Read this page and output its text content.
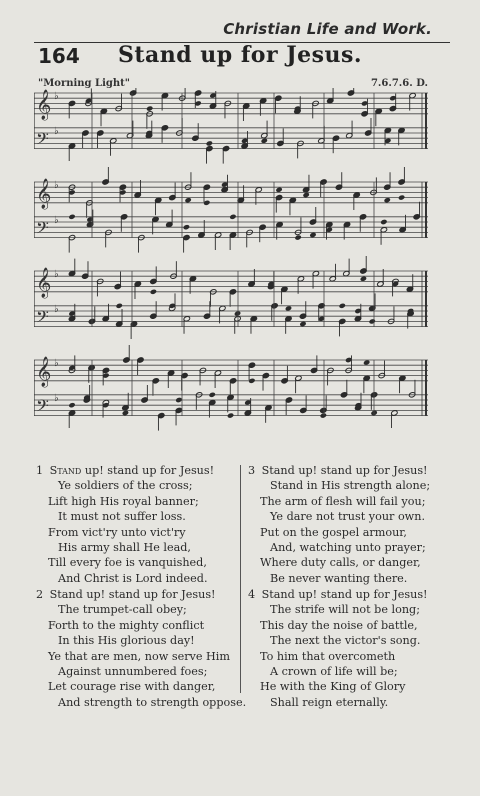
Christian Life and Work.
164	Stand up for Jesus.
"Morning Light"	7.6.7.6. D.
𝄞 ♭
𝄢 ♭
𝄞 ♭
𝄢 ♭
𝄞 ♭
𝄢 ♭
𝄞 ♭
𝄢 ♭
1 Stand up! stand up for Jesus!
Ye soldiers of the cross;
Lift high His royal banner;
It must not suffer loss.
From vict'ry unto vict'ry
His army shall He lead,
Till every foe is vanquished,
And Christ is Lord indeed.
2 Stand up! stand up for Jesus!
The trumpet-call obey;
Forth to the mighty conflict
In this His glorious day!
Ye that are men, now serve Him
Against unnumbered foes;
Let courage rise with danger,
And strength to strength oppose.
3 Stand up! stand up for Jesus!
Stand in His strength alone;
The arm of flesh will fail you;
Ye dare not trust your own.
Put on the gospel armour,
And, watching unto prayer;
Where duty calls, or danger,
Be never wanting there.
4 Stand up! stand up for Jesus!
The strife will not be long;
This day the noise of battle,
The next the victor's song.
To him that overcometh
A crown of life will be;
He with the King of Glory
Shall reign eternally.
